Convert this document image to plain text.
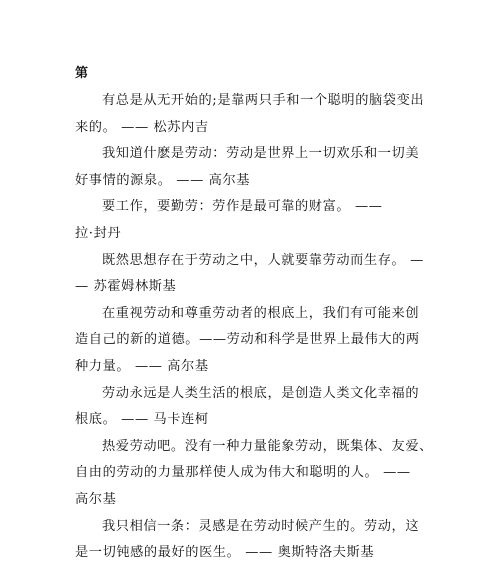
第
有总是从无开始的;是靠两只手和一个聪明的脑袋变出
来的。 —— 松苏内吉
我知道什麽是劳动：劳动是世界上一切欢乐和一切美
好事情的源泉。 —— 高尔基
要工作，要勤劳：劳作是最可靠的财富。 ——
拉·封丹
既然思想存在于劳动之中，人就要靠劳动而生存。 —
— 苏霍姆林斯基
在重视劳动和尊重劳动者的根底上，我们有可能来创
造自己的新的道德。——劳动和科学是世界上最伟大的两
种力量。 —— 高尔基
劳动永远是人类生活的根底，是创造人类文化幸福的
根底。 —— 马卡连柯
热爱劳动吧。没有一种力量能象劳动，既集体、友爱、
自由的劳动的力量那样使人成为伟大和聪明的人。 ——
高尔基
我只相信一条：灵感是在劳动时候产生的。劳动，这
是一切钝感的最好的医生。 —— 奥斯特洛夫斯基
